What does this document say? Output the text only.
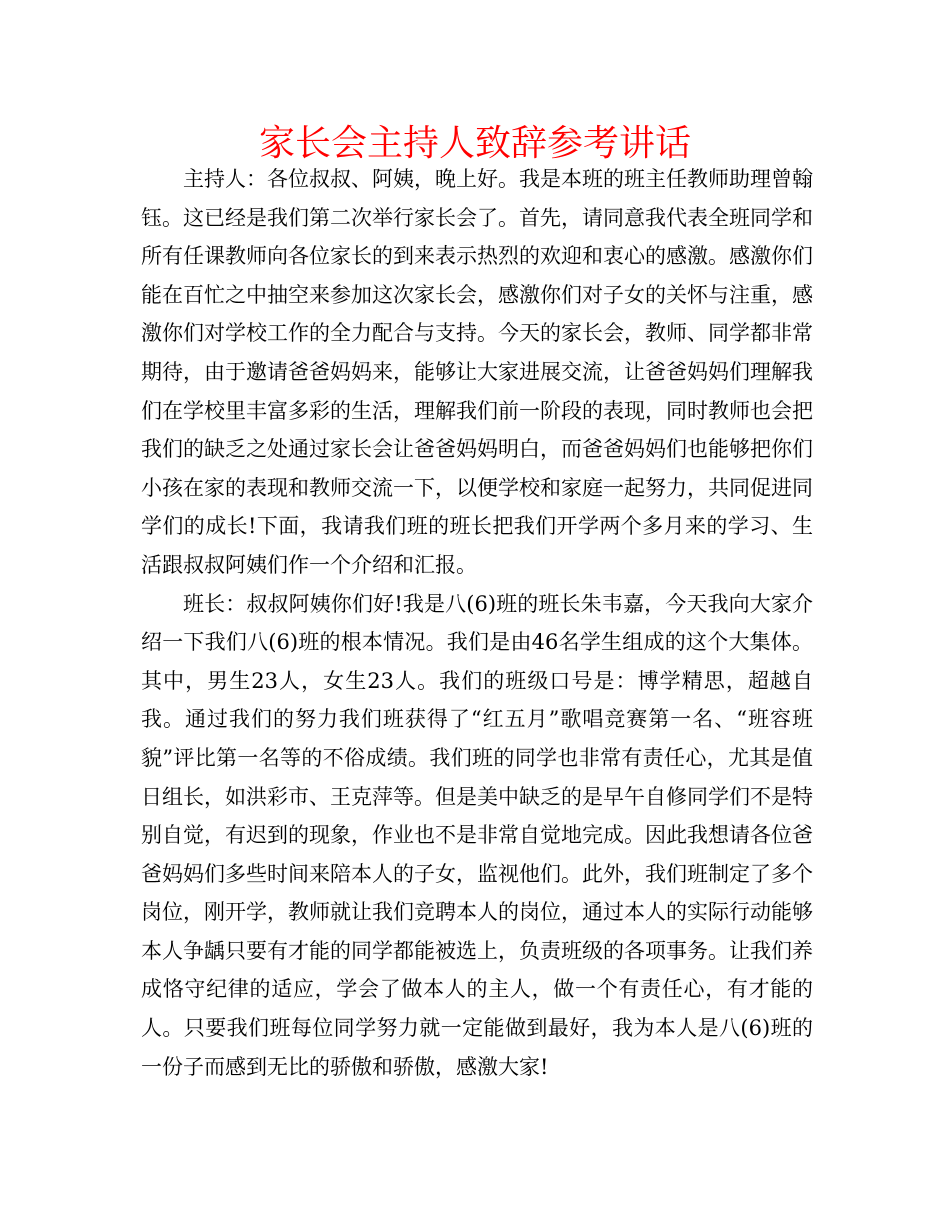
家长会主持人致辞参考讲话

主持人：各位叔叔、阿姨，晚上好。我是本班的班主任教师助理曾翰钰。这已经是我们第二次举行家长会了。首先，请同意我代表全班同学和所有任课教师向各位家长的到来表示热烈的欢迎和衷心的感激。感激你们能在百忙之中抽空来参加这次家长会，感激你们对子女的关怀与注重，感激你们对学校工作的全力配合与支持。今天的家长会，教师、同学都非常期待，由于邀请爸爸妈妈来，能够让大家进展交流，让爸爸妈妈们理解我们在学校里丰富多彩的生活，理解我们前一阶段的表现，同时教师也会把我们的缺乏之处通过家长会让爸爸妈妈明白，而爸爸妈妈们也能够把你们小孩在家的表现和教师交流一下，以便学校和家庭一起努力，共同促进同学们的成长!下面，我请我们班的班长把我们开学两个多月来的学习、生活跟叔叔阿姨们作一个介绍和汇报。

班长：叔叔阿姨你们好!我是八(6)班的班长朱韦嘉，今天我向大家介绍一下我们八(6)班的根本情况。我们是由46名学生组成的这个大集体。其中，男生23人，女生23人。我们的班级口号是：博学精思，超越自我。通过我们的努力我们班获得了“红五月”歌唱竞赛第一名、“班容班貌”评比第一名等的不俗成绩。我们班的同学也非常有责任心，尤其是值日组长，如洪彩市、王克萍等。但是美中缺乏的是早午自修同学们不是特别自觉，有迟到的现象，作业也不是非常自觉地完成。因此我想请各位爸爸妈妈们多些时间来陪本人的子女，监视他们。此外，我们班制定了多个岗位，刚开学，教师就让我们竞聘本人的岗位，通过本人的实际行动能够本人争龋只要有才能的同学都能被选上，负责班级的各项事务。让我们养成恪守纪律的适应，学会了做本人的主人，做一个有责任心，有才能的人。只要我们班每位同学努力就一定能做到最好，我为本人是八(6)班的一份子而感到无比的骄傲和骄傲，感激大家!
